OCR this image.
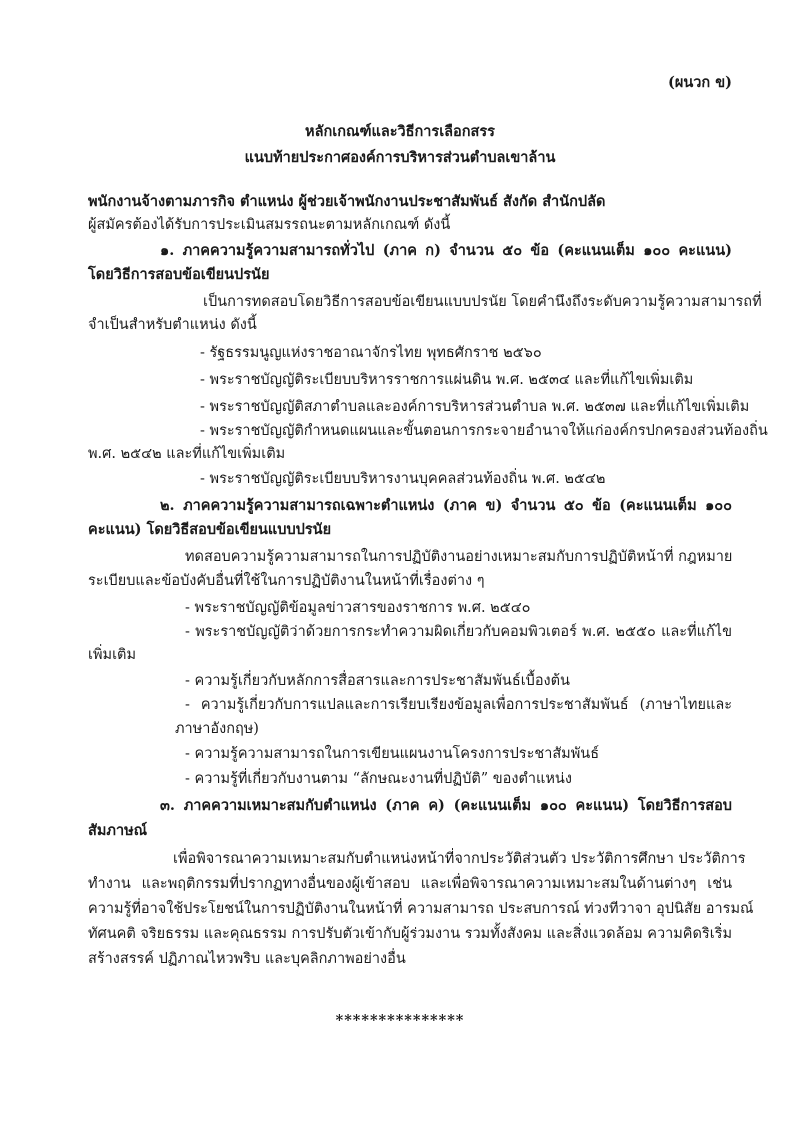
(ผนวก ข)
หลักเกณฑ์และวิธีการเลือกสรร
แนบท้ายประกาศองค์การบริหารส่วนตำบลเขาล้าน
พนักงานจ้างตามภารกิจ ตำแหน่ง ผู้ช่วยเจ้าพนักงานประชาสัมพันธ์ สังกัด สำนักปลัด
ผู้สมัครต้องได้รับการประเมินสมรรถนะตามหลักเกณฑ์ ดังนี้
๑. ภาคความรู้ความสามารถทั่วไป (ภาค ก) จำนวน ๕๐ ข้อ (คะแนนเต็ม ๑๐๐ คะแนน)
โดยวิธีการสอบข้อเขียนปรนัย
เป็นการทดสอบโดยวิธีการสอบข้อเขียนแบบปรนัย โดยคำนึงถึงระดับความรู้ความสามารถที่
จำเป็นสำหรับตำแหน่ง ดังนี้
- รัฐธรรมนูญแห่งราชอาณาจักรไทย พุทธศักราช ๒๕๖๐
- พระราชบัญญัติระเบียบบริหารราชการแผ่นดิน พ.ศ. ๒๕๓๔ และที่แก้ไขเพิ่มเติม
- พระราชบัญญัติสภาตำบลและองค์การบริหารส่วนตำบล พ.ศ. ๒๕๓๗ และที่แก้ไขเพิ่มเติม
- พระราชบัญญัติกำหนดแผนและขั้นตอนการกระจายอำนาจให้แก่องค์กรปกครองส่วนท้องถิ่น
พ.ศ. ๒๕๔๒ และที่แก้ไขเพิ่มเติม
- พระราชบัญญัติระเบียบบริหารงานบุคคลส่วนท้องถิ่น พ.ศ. ๒๕๔๒
๒. ภาคความรู้ความสามารถเฉพาะตำแหน่ง (ภาค ข) จำนวน ๕๐ ข้อ (คะแนนเต็ม ๑๐๐
คะแนน) โดยวิธีสอบข้อเขียนแบบปรนัย
ทดสอบความรู้ความสามารถในการปฏิบัติงานอย่างเหมาะสมกับการปฏิบัติหน้าที่ กฎหมาย
ระเบียบและข้อบังคับอื่นที่ใช้ในการปฏิบัติงานในหน้าที่เรื่องต่าง ๆ
- พระราชบัญญัติข้อมูลข่าวสารของราชการ พ.ศ. ๒๕๔๐
- พระราชบัญญัติว่าด้วยการกระทำความผิดเกี่ยวกับคอมพิวเตอร์ พ.ศ. ๒๕๕๐ และที่แก้ไข
เพิ่มเติม
- ความรู้เกี่ยวกับหลักการสื่อสารและการประชาสัมพันธ์เบื้องต้น
- ความรู้เกี่ยวกับการแปลและการเรียบเรียงข้อมูลเพื่อการประชาสัมพันธ์ (ภาษาไทยและ
ภาษาอังกฤษ)
- ความรู้ความสามารถในการเขียนแผนงานโครงการประชาสัมพันธ์
- ความรู้ที่เกี่ยวกับงานตาม “ลักษณะงานที่ปฏิบัติ” ของตำแหน่ง
๓. ภาคความเหมาะสมกับตำแหน่ง (ภาค ค) (คะแนนเต็ม ๑๐๐ คะแนน) โดยวิธีการสอบ
สัมภาษณ์
เพื่อพิจารณาความเหมาะสมกับตำแหน่งหน้าที่จากประวัติส่วนตัว ประวัติการศึกษา ประวัติการ
ทำงาน และพฤติกรรมที่ปรากฏทางอื่นของผู้เข้าสอบ และเพื่อพิจารณาความเหมาะสมในด้านต่างๆ เช่น
ความรู้ที่อาจใช้ประโยชน์ในการปฏิบัติงานในหน้าที่ ความสามารถ ประสบการณ์ ท่วงทีวาจา อุปนิสัย อารมณ์
ทัศนคติ จริยธรรม และคุณธรรม การปรับตัวเข้ากับผู้ร่วมงาน รวมทั้งสังคม และสิ่งแวดล้อม ความคิดริเริ่ม
สร้างสรรค์ ปฏิภาณไหวพริบ และบุคลิกภาพอย่างอื่น
***************
